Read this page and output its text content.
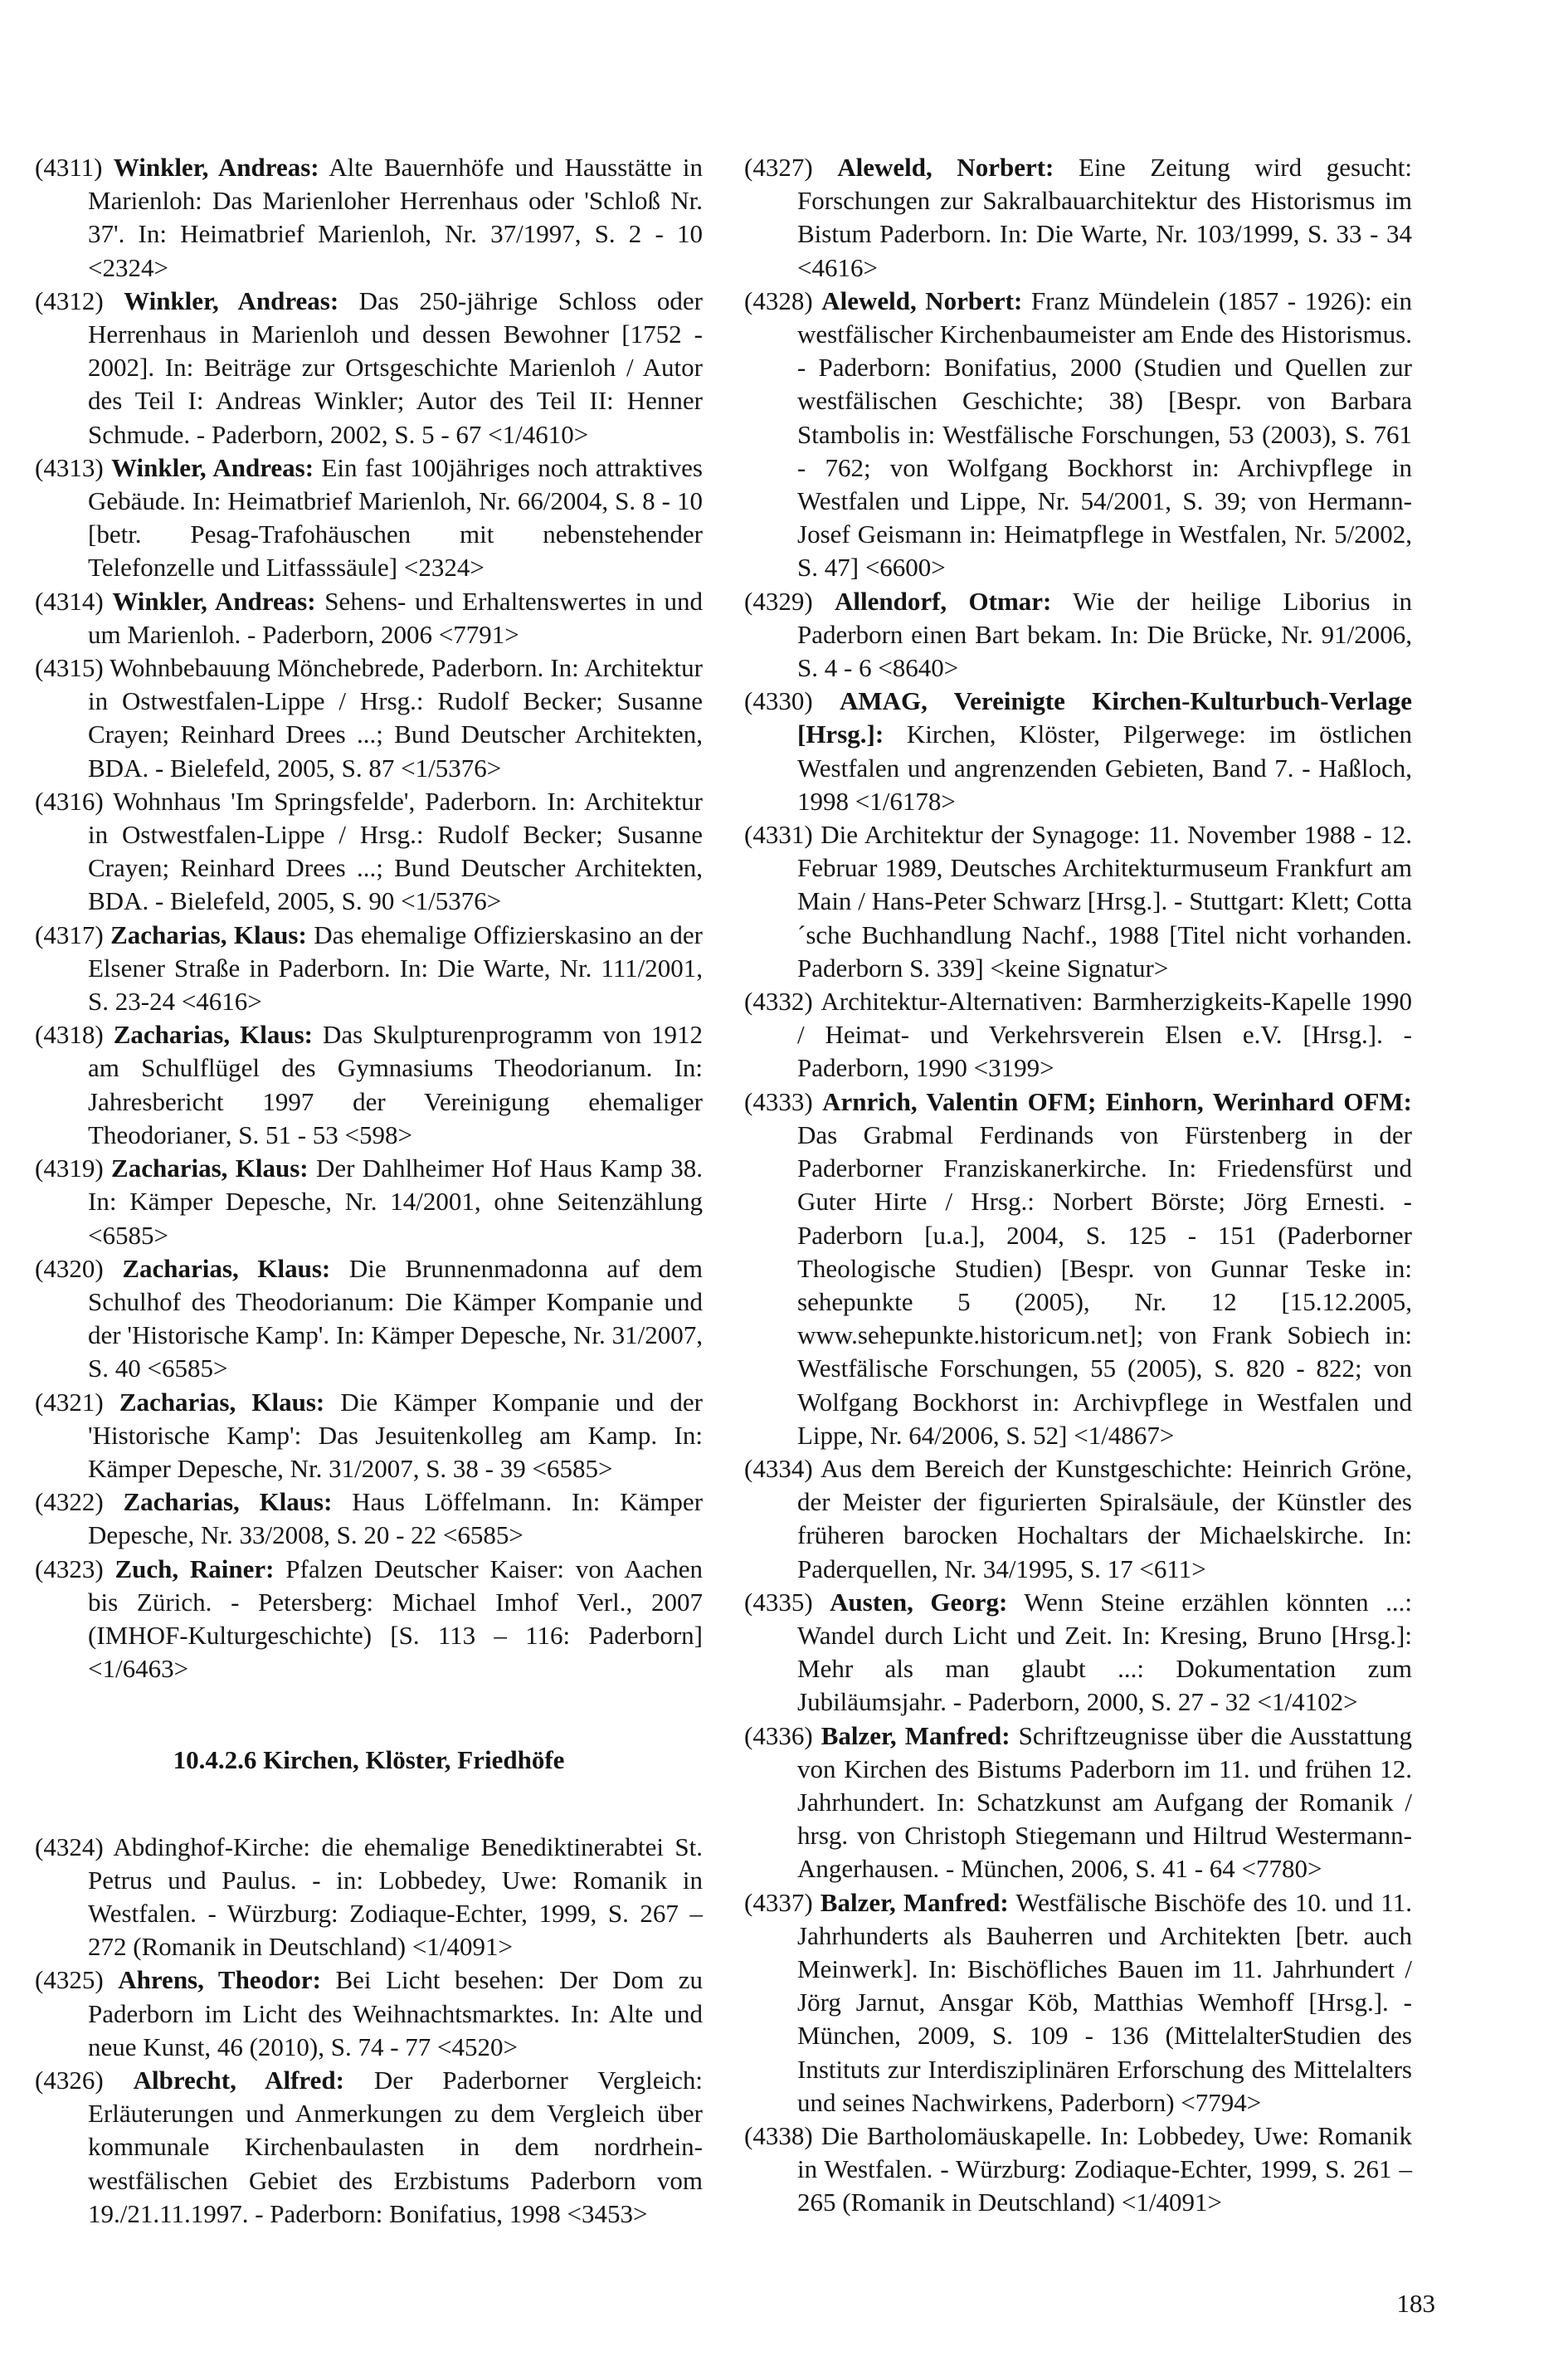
(4311) Winkler, Andreas: Alte Bauernhöfe und Hausstätte in Marienloh: Das Marienloher Herrenhaus oder 'Schloß Nr. 37'. In: Heimatbrief Marienloh, Nr. 37/1997, S. 2 - 10 <2324>

(4312) Winkler, Andreas: Das 250-jährige Schloss oder Herrenhaus in Marienloh und dessen Bewohner [1752 - 2002]. In: Beiträge zur Ortsgeschichte Marienloh / Autor des Teil I: Andreas Winkler; Autor des Teil II: Henner Schmude. - Paderborn, 2002, S. 5 - 67 <1/4610>

(4313) Winkler, Andreas: Ein fast 100jähriges noch attraktives Gebäude. In: Heimatbrief Marienloh, Nr. 66/2004, S. 8 - 10 [betr. Pesag-Trafohäuschen mit nebenstehender Telefonzelle und Litfasssäule] <2324>

(4314) Winkler, Andreas: Sehens- und Erhaltenswertes in und um Marienloh. - Paderborn, 2006 <7791>

(4315) Wohnbebauung Mönchebrede, Paderborn. In: Architektur in Ostwestfalen-Lippe / Hrsg.: Rudolf Becker; Susanne Crayen; Reinhard Drees ...; Bund Deutscher Architekten, BDA. - Bielefeld, 2005, S. 87 <1/5376>

(4316) Wohnhaus 'Im Springsfelde', Paderborn. In: Architektur in Ostwestfalen-Lippe / Hrsg.: Rudolf Becker; Susanne Crayen; Reinhard Drees ...; Bund Deutscher Architekten, BDA. - Bielefeld, 2005, S. 90 <1/5376>

(4317) Zacharias, Klaus: Das ehemalige Offizierskasino an der Elsener Straße in Paderborn. In: Die Warte, Nr. 111/2001, S. 23-24 <4616>

(4318) Zacharias, Klaus: Das Skulpturenprogramm von 1912 am Schulflügel des Gymnasiums Theodorianum. In: Jahresbericht 1997 der Vereinigung ehemaliger Theodorianer, S. 51 - 53 <598>

(4319) Zacharias, Klaus: Der Dahlheimer Hof Haus Kamp 38. In: Kämper Depesche, Nr. 14/2001, ohne Seitenzählung <6585>

(4320) Zacharias, Klaus: Die Brunnenmadonna auf dem Schulhof des Theodorianum: Die Kämper Kompanie und der 'Historische Kamp'. In: Kämper Depesche, Nr. 31/2007, S. 40 <6585>

(4321) Zacharias, Klaus: Die Kämper Kompanie und der 'Historische Kamp': Das Jesuitenkolleg am Kamp. In: Kämper Depesche, Nr. 31/2007, S. 38 - 39 <6585>

(4322) Zacharias, Klaus: Haus Löffelmann. In: Kämper Depesche, Nr. 33/2008, S. 20 - 22 <6585>

(4323) Zuch, Rainer: Pfalzen Deutscher Kaiser: von Aachen bis Zürich. - Petersberg: Michael Imhof Verl., 2007 (IMHOF-Kulturgeschichte) [S. 113 – 116: Paderborn] <1/6463>

10.4.2.6 Kirchen, Klöster, Friedhöfe

(4324) Abdinghof-Kirche: die ehemalige Benediktinerabtei St. Petrus und Paulus. - in: Lobbedey, Uwe: Romanik in Westfalen. - Würzburg: Zodiaque-Echter, 1999, S. 267 – 272 (Romanik in Deutschland) <1/4091>

(4325) Ahrens, Theodor: Bei Licht besehen: Der Dom zu Paderborn im Licht des Weihnachtsmarktes. In: Alte und neue Kunst, 46 (2010), S. 74 - 77 <4520>

(4326) Albrecht, Alfred: Der Paderborner Vergleich: Erläuterungen und Anmerkungen zu dem Vergleich über kommunale Kirchenbaulasten in dem nordrhein-westfälischen Gebiet des Erzbistums Paderborn vom 19./21.11.1997. - Paderborn: Bonifatius, 1998 <3453>

(4327) Aleweld, Norbert: Eine Zeitung wird gesucht: Forschungen zur Sakralbauarchitektur des Historismus im Bistum Paderborn. In: Die Warte, Nr. 103/1999, S. 33 - 34 <4616>

(4328) Aleweld, Norbert: Franz Mündelein (1857 - 1926): ein westfälischer Kirchenbaumeister am Ende des Historismus. - Paderborn: Bonifatius, 2000 (Studien und Quellen zur westfälischen Geschichte; 38) [Bespr. von Barbara Stambolis in: Westfälische Forschungen, 53 (2003), S. 761 - 762; von Wolfgang Bockhorst in: Archivpflege in Westfalen und Lippe, Nr. 54/2001, S. 39; von Hermann-Josef Geismann in: Heimatpflege in Westfalen, Nr. 5/2002, S. 47] <6600>

(4329) Allendorf, Otmar: Wie der heilige Liborius in Paderborn einen Bart bekam. In: Die Brücke, Nr. 91/2006, S. 4 - 6 <8640>

(4330) AMAG, Vereinigte Kirchen-Kulturbuch-Verlage [Hrsg.]: Kirchen, Klöster, Pilgerwege: im östlichen Westfalen und angrenzenden Gebieten, Band 7. - Haßloch, 1998 <1/6178>

(4331) Die Architektur der Synagoge: 11. November 1988 - 12. Februar 1989, Deutsches Architekturmuseum Frankfurt am Main / Hans-Peter Schwarz [Hrsg.]. - Stuttgart: Klett; Cotta´sche Buchhandlung Nachf., 1988 [Titel nicht vorhanden. Paderborn S. 339] <keine Signatur>

(4332) Architektur-Alternativen: Barmherzigkeits-Kapelle 1990 / Heimat- und Verkehrsverein Elsen e.V. [Hrsg.]. - Paderborn, 1990 <3199>

(4333) Arnrich, Valentin OFM; Einhorn, Werinhard OFM: Das Grabmal Ferdinands von Fürstenberg in der Paderborner Franziskanerkirche. In: Friedensfürst und Guter Hirte / Hrsg.: Norbert Börste; Jörg Ernesti. - Paderborn [u.a.], 2004, S. 125 - 151 (Paderborner Theologische Studien) [Bespr. von Gunnar Teske in: sehepunkte 5 (2005), Nr. 12 [15.12.2005, www.sehepunkte.historicum.net]; von Frank Sobiech in: Westfälische Forschungen, 55 (2005), S. 820 - 822; von Wolfgang Bockhorst in: Archivpflege in Westfalen und Lippe, Nr. 64/2006, S. 52] <1/4867>

(4334) Aus dem Bereich der Kunstgeschichte: Heinrich Gröne, der Meister der figurierten Spiralsäule, der Künstler des früheren barocken Hochaltars der Michaelskirche. In: Paderquellen, Nr. 34/1995, S. 17 <611>

(4335) Austen, Georg: Wenn Steine erzählen könnten ...: Wandel durch Licht und Zeit. In: Kresing, Bruno [Hrsg.]: Mehr als man glaubt ...: Dokumentation zum Jubiläumsjahr. - Paderborn, 2000, S. 27 - 32 <1/4102>

(4336) Balzer, Manfred: Schriftzeugnisse über die Ausstattung von Kirchen des Bistums Paderborn im 11. und frühen 12. Jahrhundert. In: Schatzkunst am Aufgang der Romanik / hrsg. von Christoph Stiegemann und Hiltrud Westermann-Angerhausen. - München, 2006, S. 41 - 64 <7780>

(4337) Balzer, Manfred: Westfälische Bischöfe des 10. und 11. Jahrhunderts als Bauherren und Architekten [betr. auch Meinwerk]. In: Bischöfliches Bauen im 11. Jahrhundert / Jörg Jarnut, Ansgar Köb, Matthias Wemhoff [Hrsg.]. - München, 2009, S. 109 - 136 (MittelalterStudien des Instituts zur Interdisziplinären Erforschung des Mittelalters und seines Nachwirkens, Paderborn) <7794>

(4338) Die Bartholomäuskapelle. In: Lobbedey, Uwe: Romanik in Westfalen. - Würzburg: Zodiaque-Echter, 1999, S. 261 – 265 (Romanik in Deutschland) <1/4091>

183
